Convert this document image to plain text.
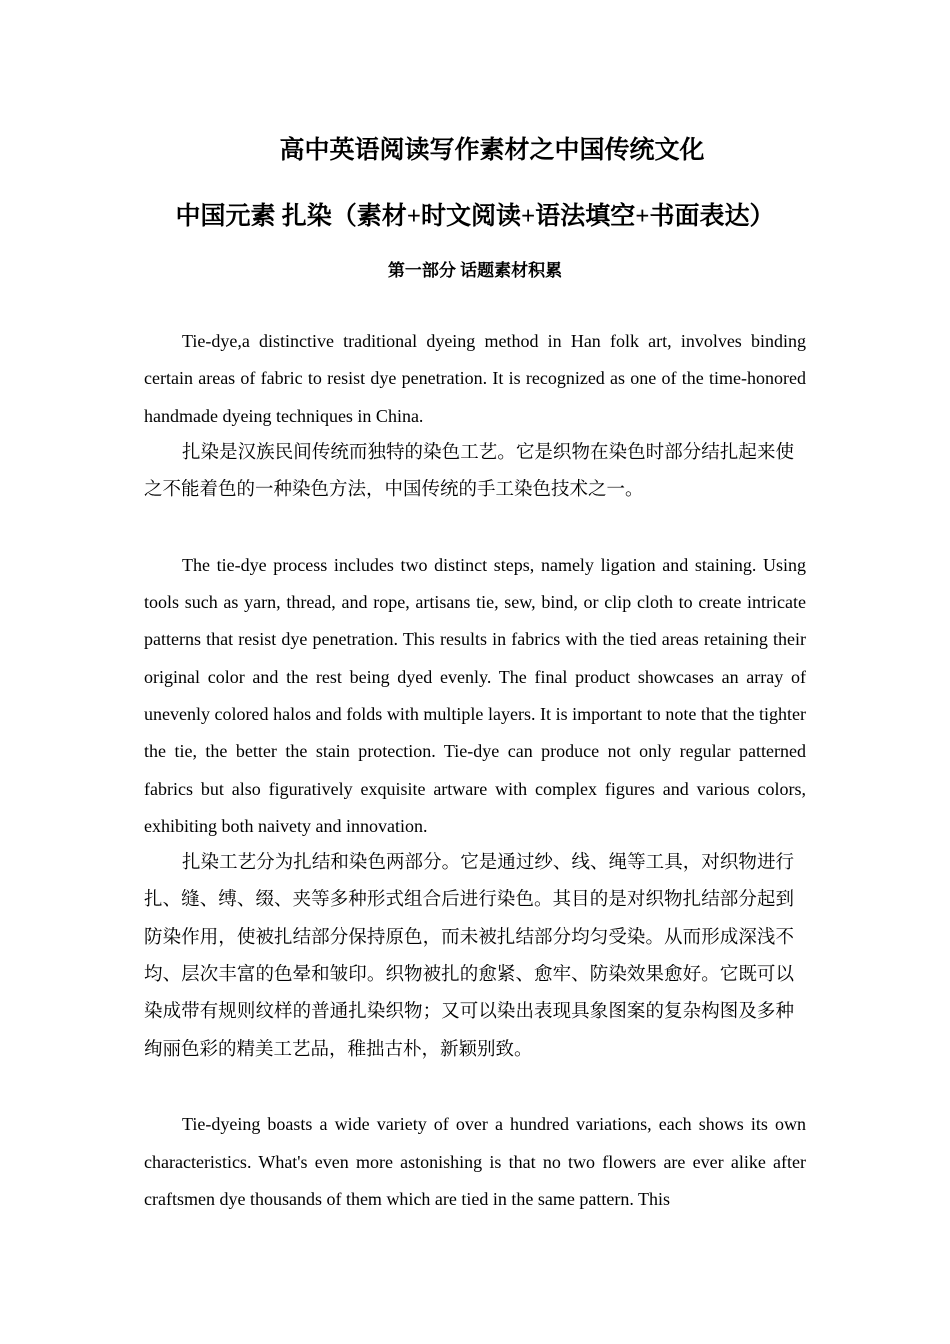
高中英语阅读写作素材之中国传统文化
中国元素 扎染（素材+时文阅读+语法填空+书面表达）
第一部分 话题素材积累

Tie-dye,a distinctive traditional dyeing method in Han folk art, involves binding certain areas of fabric to resist dye penetration. It is recognized as one of the time-honored handmade dyeing techniques in China.

扎染是汉族民间传统而独特的染色工艺。它是织物在染色时部分结扎起来使之不能着色的一种染色方法，中国传统的手工染色技术之一。

The tie-dye process includes two distinct steps, namely ligation and staining. Using tools such as yarn, thread, and rope, artisans tie, sew, bind, or clip cloth to create intricate patterns that resist dye penetration. This results in fabrics with the tied areas retaining their original color and the rest being dyed evenly. The final product showcases an array of unevenly colored halos and folds with multiple layers. It is important to note that the tighter the tie, the better the stain protection. Tie-dye can produce not only regular patterned fabrics but also figuratively exquisite artware with complex figures and various colors, exhibiting both naivety and innovation.

扎染工艺分为扎结和染色两部分。它是通过纱、线、绳等工具，对织物进行扎、缝、缚、缀、夹等多种形式组合后进行染色。其目的是对织物扎结部分起到防染作用，使被扎结部分保持原色，而未被扎结部分均匀受染。从而形成深浅不均、层次丰富的色晕和皱印。织物被扎的愈紧、愈牢、防染效果愈好。它既可以染成带有规则纹样的普通扎染织物；又可以染出表现具象图案的复杂构图及多种绚丽色彩的精美工艺品，稚拙古朴，新颖别致。

Tie-dyeing boasts a wide variety of over a hundred variations, each shows its own characteristics. What's even more astonishing is that no two flowers are ever alike after craftsmen dye thousands of them which are tied in the same pattern. This
